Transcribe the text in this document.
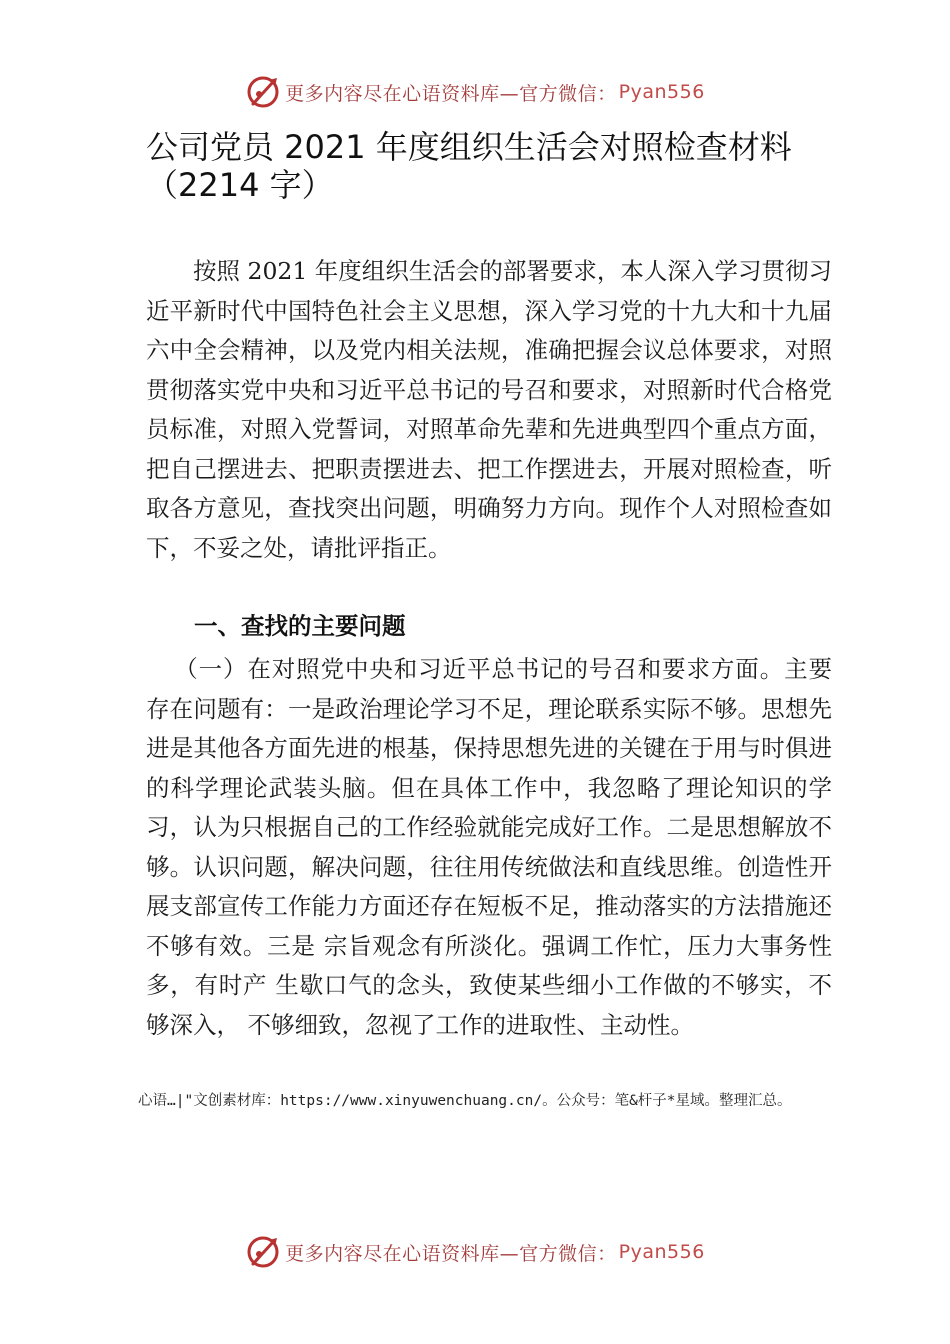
更多内容尽在心语资料库—官方微信： Pyan556
公司党员 2021 年度组织生活会对照检查材料（2214 字）

按照 2021 年度组织生活会的部署要求，本人深入学习贯彻习近平新时代中国特色社会主义思想，深入学习党的十九大和十九届六中全会精神，以及党内相关法规，准确把握会议总体要求，对照贯彻落实党中央和习近平总书记的号召和要求，对照新时代合格党员标准，对照入党誓词，对照革命先辈和先进典型四个重点方面，把自己摆进去、把职责摆进去、把工作摆进去，开展对照检查，听取各方意见，查找突出问题，明确努力方向。现作个人对照检查如下，不妥之处，请批评指正。

一、查找的主要问题

（一）在对照党中央和习近平总书记的号召和要求方面。主要存在问题有：一是政治理论学习不足，理论联系实际不够。思想先进是其他各方面先进的根基，保持思想先进的关键在于用与时俱进的科学理论武装头脑。但在具体工作中，我忽略了理论知识的学习，认为只根据自己的工作经验就能完成好工作。二是思想解放不够。认识问题，解决问题，往往用传统做法和直线思维。创造性开展支部宣传工作能力方面还存在短板不足，推动落实的方法措施还不够有效。三是 宗旨观念有所淡化。强调工作忙，压力大事务性多，有时产 生歇口气的念头，致使某些细小工作做的不够实，不够深入， 不够细致，忽视了工作的进取性、主动性。

心语…|"文创素材库：https://www.xinyuwenchuang.cn/。公众号：笔&杆子*星域。整理汇总。

更多内容尽在心语资料库—官方微信： Pyan556
